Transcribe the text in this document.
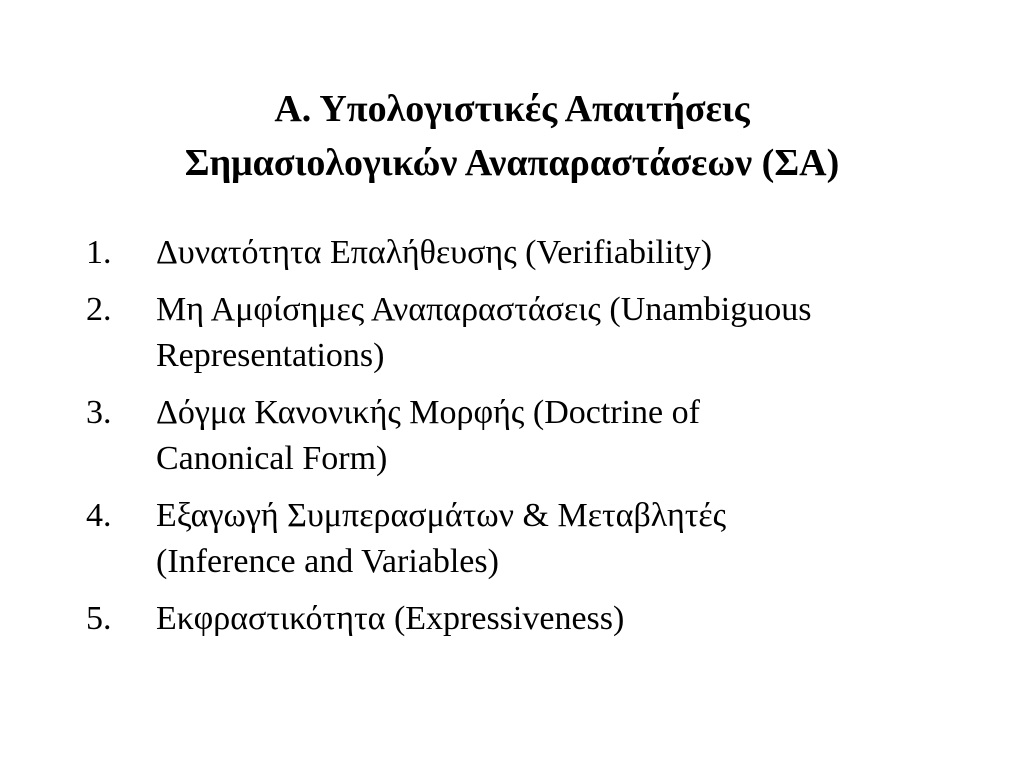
Α. Υπολογιστικές Απαιτήσεις
Σημασιολογικών Αναπαραστάσεων (ΣΑ)
1.	Δυνατότητα Επαλήθευσης (Verifiability)
2.	Μη Αμφίσημες Αναπαραστάσεις (Unambiguous
Representations)
3.	Δόγμα Κανονικής Μορφής (Doctrine of
Canonical Form)
4.	Εξαγωγή Συμπερασμάτων & Μεταβλητές
(Inference and Variables)
5.	Εκφραστικότητα (Expressiveness)
